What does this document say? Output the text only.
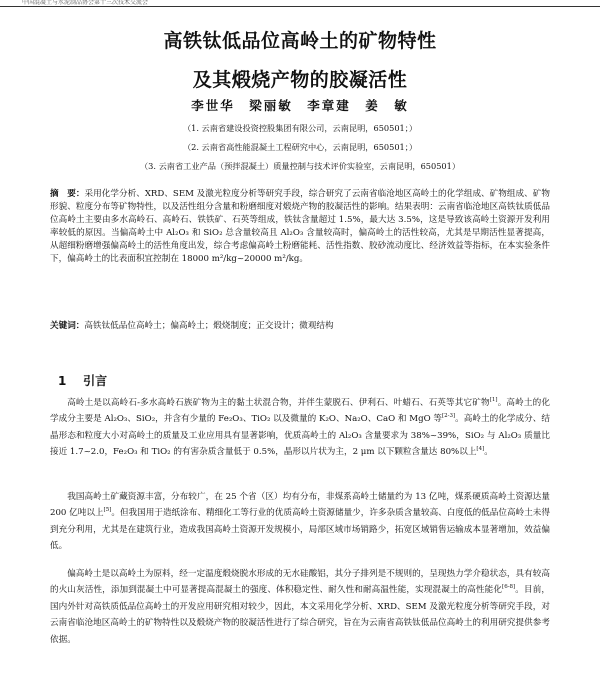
中国混凝土与水泥制品协会第十三次技术交流会
高铁钛低品位高岭土的矿物特性
及其煅烧产物的胶凝活性
李世华　梁丽敏　李章建　姜　敏
（1. 云南省建设投资控股集团有限公司，云南昆明，650501；）
（2. 云南省高性能混凝土工程研究中心，云南昆明，650501；）
（3. 云南省工业产品（预拌混凝土）质量控制与技术评价实验室，云南昆明，650501）
摘　要：采用化学分析、XRD、SEM 及激光粒度分析等研究手段，综合研究了云南省临沧地区高岭土的化学组成、矿物组成、矿物形貌、粒度分布等矿物特性，以及活性组分含量和粉磨细度对煅烧产物的胶凝活性的影响。结果表明：云南省临沧地区高铁钛质低品位高岭土主要由多水高岭石、高岭石、铁铁矿、石英等组成，铁钛含量超过 1.5%，最大达 3.5%，这是导致该高岭土资源开发利用率较低的原因。当偏高岭土中 Al₂O₃ 和 SiO₂ 总含量较高且 Al₂O₃ 含量较高时，偏高岭土的活性较高，尤其是早期活性显著提高，从超细粉磨增强偏高岭土的活性角度出发，综合考虑偏高岭土粉磨能耗、活性指数、胶砂流动度比、经济效益等指标，在本实验条件下，偏高岭土的比表面积宜控制在 18000 m²/kg~20000 m²/kg。
关键词：高铁钛低品位高岭土；偏高岭土；煅烧制度；正交设计；微观结构
1 引言

高岭土是以高岭石-多水高岭石族矿物为主的黏土状混合物，并伴生蒙脱石、伊利石、叶蜡石、石英等其它矿物[1]。高岭土的化学成分主要是 Al₂O₃、SiO₂，并含有少量的 Fe₂O₃、TiO₂ 以及微量的 K₂O、Na₂O、CaO 和 MgO 等[2-3]。高岭土的化学成分、结晶形态和粒度大小对高岭土的质量及工业应用具有显著影响，优质高岭土的 Al₂O₃ 含量要求为 38%~39%，SiO₂ 与 Al₂O₃ 质量比接近 1.7~2.0，Fe₂O₃ 和 TiO₂ 的有害杂质含量低于 0.5%，晶形以片状为主，2 μm 以下颗粒含量达 80%以上[4]。

我国高岭土矿藏资源丰富，分布较广，在 25 个省（区）均有分布，非煤系高岭土储量约为 13 亿吨，煤系硬质高岭土资源达量 200 亿吨以上[5]。但我国用于造纸涂布、精细化工等行业的优质高岭土资源储量少，许多杂质含量较高、白度低的低品位高岭土未得到充分利用，尤其是在建筑行业，造成我国高岭土资源开发规模小，局部区域市场销路少，拓宽区域销售运输成本显著增加，效益偏低。

偏高岭土是以高岭土为原料，经一定温度煅烧脱水形成的无水硅酸铝，其分子排列是不规则的，呈现热力学介稳状态，具有较高的火山灰活性，添加到混凝土中可显著提高混凝土的强度、体积稳定性、耐久性和耐高温性能，实现混凝土的高性能化[6-8]。目前，国内外针对高铁质低品位高岭土的开发应用研究相对较少，因此，本文采用化学分析、XRD、SEM 及激光粒度分析等研究手段，对云南省临沧地区高岭土的矿物特性以及煅烧产物的胶凝活性进行了综合研究，旨在为云南省高铁钛低品位高岭土的利用研究提供参考依据。
